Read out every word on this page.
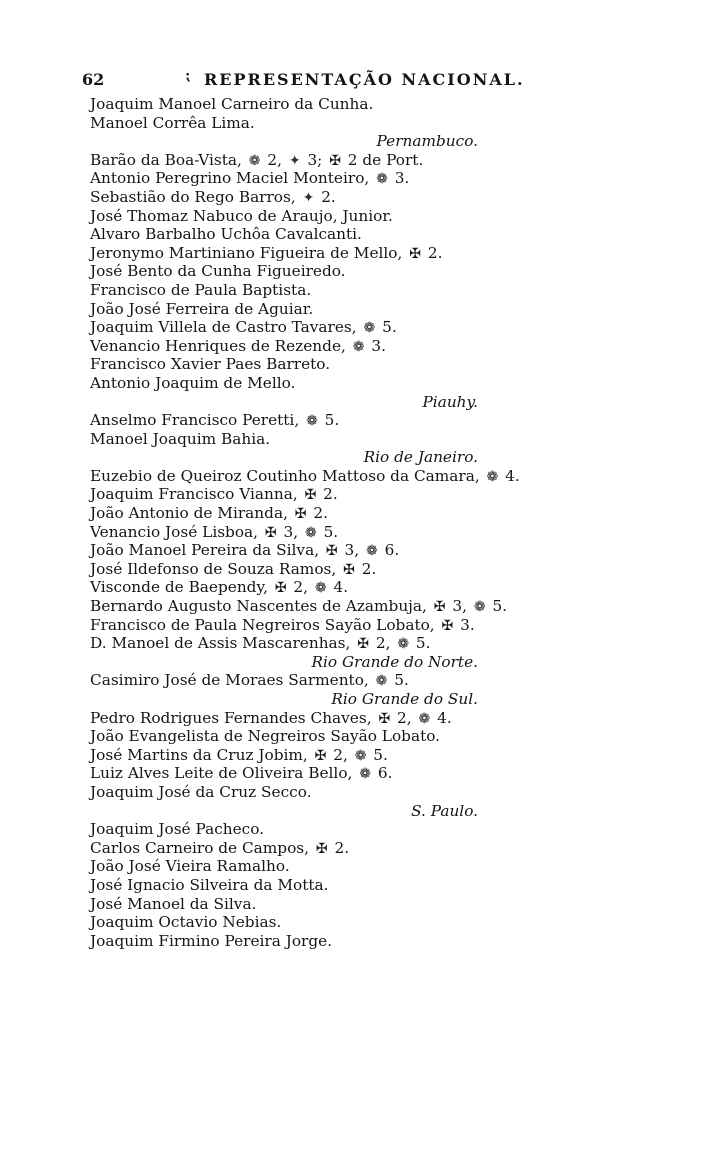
62	⁏ REPRESENTAÇÃO NACIONAL.
Joaquim Manoel Carneiro da Cunha.
Manoel Corrêa Lima.
Pernambuco.
Barão da Boa-Vista, ❁ 2, ✦ 3; ✠ 2 de Port.
Antonio Peregrino Maciel Monteiro, ❁ 3.
Sebastião do Rego Barros, ✦ 2.
José Thomaz Nabuco de Araujo, Junior.
Alvaro Barbalho Uchôa Cavalcanti.
Jeronymo Martiniano Figueira de Mello, ✠ 2.
José Bento da Cunha Figueiredo.
Francisco de Paula Baptista.
João José Ferreira de Aguiar.
Joaquim Villela de Castro Tavares, ❁ 5.
Venancio Henriques de Rezende, ❁ 3.
Francisco Xavier Paes Barreto.
Antonio Joaquim de Mello.
Piauhy.
Anselmo Francisco Peretti, ❁ 5.
Manoel Joaquim Bahia.
Rio de Janeiro.
Euzebio de Queiroz Coutinho Mattoso da Camara, ❁ 4.
Joaquim Francisco Vianna, ✠ 2.
João Antonio de Miranda, ✠ 2.
Venancio José Lisboa, ✠ 3, ❁ 5.
João Manoel Pereira da Silva, ✠ 3, ❁ 6.
José Ildefonso de Souza Ramos, ✠ 2.
Visconde de Baependy, ✠ 2, ❁ 4.
Bernardo Augusto Nascentes de Azambuja, ✠ 3, ❁ 5.
Francisco de Paula Negreiros Sayão Lobato, ✠ 3.
D. Manoel de Assis Mascarenhas, ✠ 2, ❁ 5.
Rio Grande do Norte.
Casimiro José de Moraes Sarmento, ❁ 5.
Rio Grande do Sul.
Pedro Rodrigues Fernandes Chaves, ✠ 2, ❁ 4.
João Evangelista de Negreiros Sayão Lobato.
José Martins da Cruz Jobim, ✠ 2, ❁ 5.
Luiz Alves Leite de Oliveira Bello, ❁ 6.
Joaquim José da Cruz Secco.
S. Paulo.
Joaquim José Pacheco.
Carlos Carneiro de Campos, ✠ 2.
João José Vieira Ramalho.
José Ignacio Silveira da Motta.
José Manoel da Silva.
Joaquim Octavio Nebias.
Joaquim Firmino Pereira Jorge.
